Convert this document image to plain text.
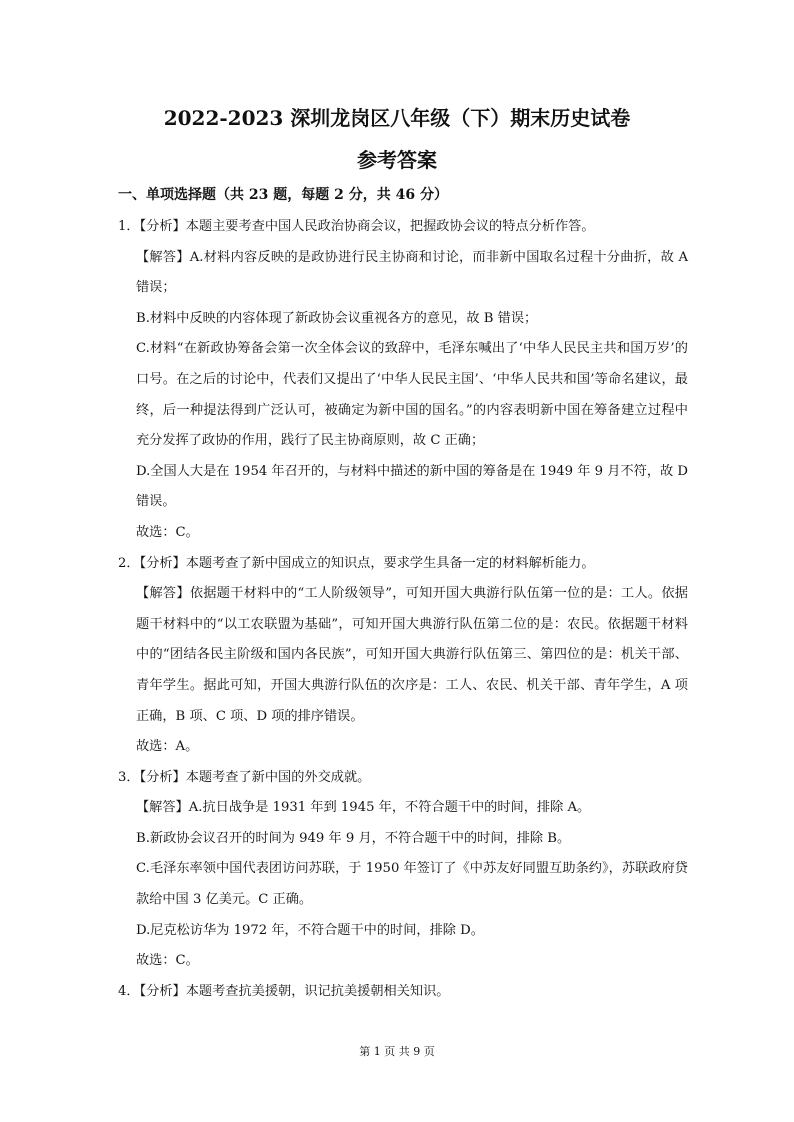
2022-2023 深圳龙岗区八年级（下）期末历史试卷
参考答案
一、单项选择题（共 23 题，每题 2 分，共 46 分）
1．【分析】本题主要考查中国人民政治协商会议，把握政协会议的特点分析作答。
【解答】A.材料内容反映的是政协进行民主协商和讨论，而非新中国取名过程十分曲折，故 A 错误；
B.材料中反映的内容体现了新政协会议重视各方的意见，故 B 错误；
C.材料“在新政协筹备会第一次全体会议的致辞中，毛泽东喊出了‘中华人民民主共和国万岁’的口号。在之后的讨论中，代表们又提出了‘中华人民民主国’、‘中华人民共和国’等命名建议，最终，后一种提法得到广泛认可，被确定为新中国的国名。”的内容表明新中国在筹备建立过程中充分发挥了政协的作用，践行了民主协商原则，故 C 正确；
D.全国人大是在 1954 年召开的，与材料中描述的新中国的筹备是在 1949 年 9 月不符，故 D 错误。
故选：C。
2．【分析】本题考查了新中国成立的知识点，要求学生具备一定的材料解析能力。
【解答】依据题干材料中的“工人阶级领导”，可知开国大典游行队伍第一位的是：工人。依据题干材料中的“以工农联盟为基础”，可知开国大典游行队伍第二位的是：农民。依据题干材料中的“团结各民主阶级和国内各民族”，可知开国大典游行队伍第三、第四位的是：机关干部、青年学生。据此可知，开国大典游行队伍的次序是：工人、农民、机关干部、青年学生，A 项正确，B 项、C 项、D 项的排序错误。
故选：A。
3．【分析】本题考查了新中国的外交成就。
【解答】A.抗日战争是 1931 年到 1945 年，不符合题干中的时间，排除 A。
B.新政协会议召开的时间为 949 年 9 月，不符合题干中的时间，排除 B。
C.毛泽东率领中国代表团访问苏联，于 1950 年签订了《中苏友好同盟互助条约》，苏联政府贷款给中国 3 亿美元。C 正确。
D.尼克松访华为 1972 年，不符合题干中的时间，排除 D。
故选：C。
4．【分析】本题考查抗美援朝，识记抗美援朝相关知识。
第 1 页 共 9 页
